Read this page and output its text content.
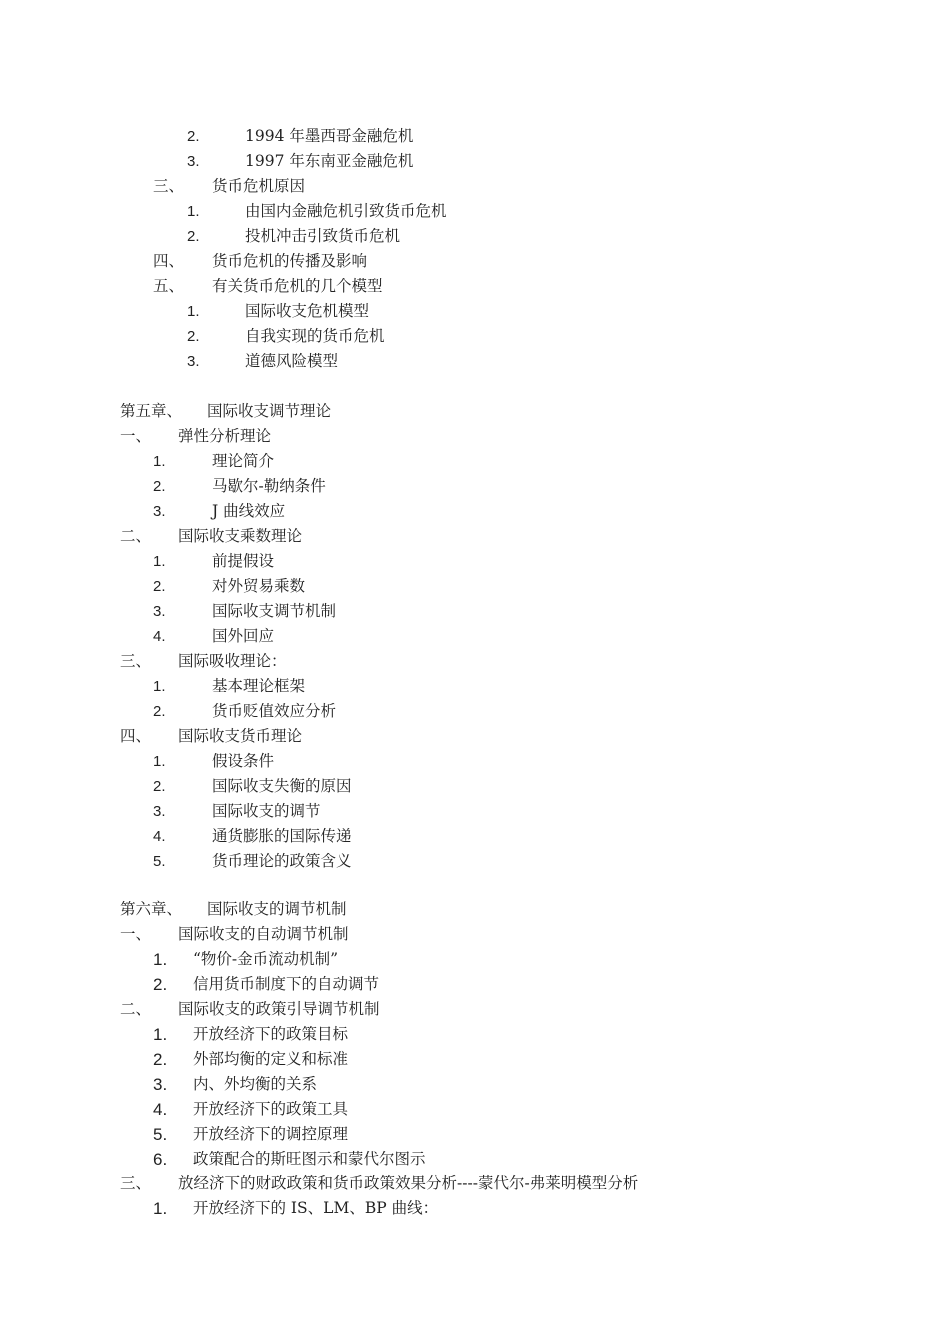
2.	1994 年墨西哥金融危机
3.	1997 年东南亚金融危机
三、 货币危机原因
1.	由国内金融危机引致货币危机
2.	投机冲击引致货币危机
四、 货币危机的传播及影响
五、 有关货币危机的几个模型
1.	国际收支危机模型
2.	自我实现的货币危机
3.	道德风险模型
第五章、 国际收支调节理论
一、 弹性分析理论
1.	理论简介
2.	马歇尔-勒纳条件
3.	J 曲线效应
二、 国际收支乘数理论
1.	前提假设
2.	对外贸易乘数
3.	国际收支调节机制
4.	国外回应
三、 国际吸收理论：
1.	基本理论框架
2.	货币贬值效应分析
四、 国际收支货币理论
1.	假设条件
2.	国际收支失衡的原因
3.	国际收支的调节
4.	通货膨胀的国际传递
5.	货币理论的政策含义
第六章、 国际收支的调节机制
一、 国际收支的自动调节机制
1. “物价-金币流动机制”
2. 信用货币制度下的自动调节
二、 国际收支的政策引导调节机制
1. 开放经济下的政策目标
2. 外部均衡的定义和标准
3. 内、外均衡的关系
4. 开放经济下的政策工具
5. 开放经济下的调控原理
6. 政策配合的斯旺图示和蒙代尔图示
三、 放经济下的财政政策和货币政策效果分析----蒙代尔-弗莱明模型分析
1. 开放经济下的 IS、LM、BP 曲线：
